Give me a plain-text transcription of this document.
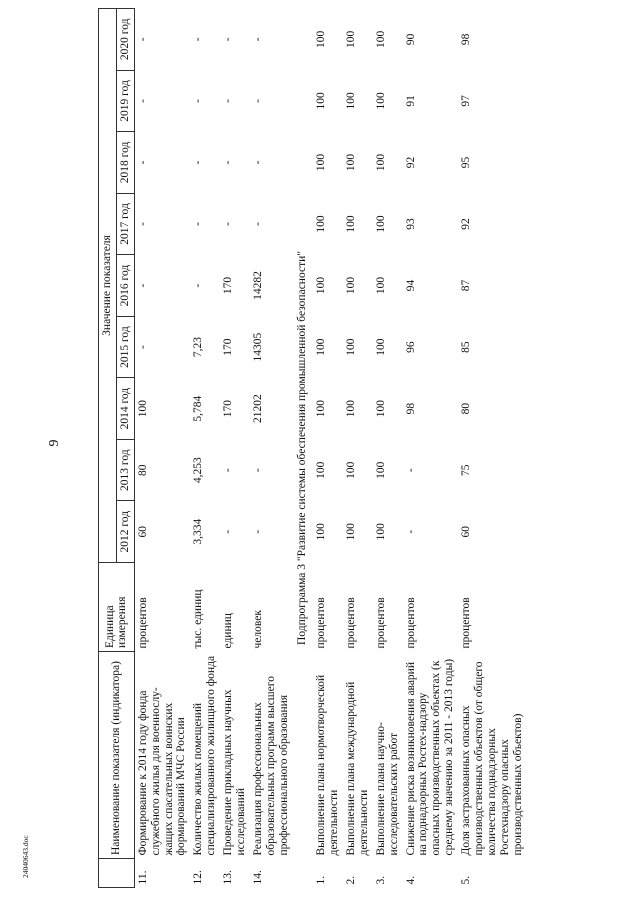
9
24040643.doc
	Наименование показателя (индикатора)	Единица измерения	Значение показателя								
			2012 год	2013 год	2014 год	2015 год	2016 год	2017 год	2018 год	2019 год	2020 год
11.	Формирование к 2014 году фонда служебного жилья для военнослу-жащих спасательных воинских формирований МЧС России	процентов	60	80	100	-	-	-	-	-	-
12.	Количество жилых помещений специализированного жилищного фонда	тыс. единиц	3,334	4,253	5,784	7,23	-	-	-	-	-
13.	Проведение прикладных научных исследований	единиц	-	-	170	170	170	-	-	-	-
14.	Реализация профессиональных образовательных программ высшего профессионального образования	человек	-	-	21202	14305	14282	-	-	-	-
Подпрограмма 3 "Развитие системы обеспечения промышленной безопасности"											
1.	Выполнение плана нормотворческой деятельности	процентов	100	100	100	100	100	100	100	100	100
2.	Выполнение плана международной деятельности	процентов	100	100	100	100	100	100	100	100	100
3.	Выполнение плана научно-исследовательских работ	процентов	100	100	100	100	100	100	100	100	100
4.	Снижение риска возникновения аварий на поднадзорных Ростех-надзору опасных производственных объектах (к среднему значению за 2011 - 2013 годы)	процентов	-	-	98	96	94	93	92	91	90
5.	Доля застрахованных опасных производственных объектов (от общего количества поднадзорных Ростехнадзору опасных производственных объектов)	процентов	60	75	80	85	87	92	95	97	98
